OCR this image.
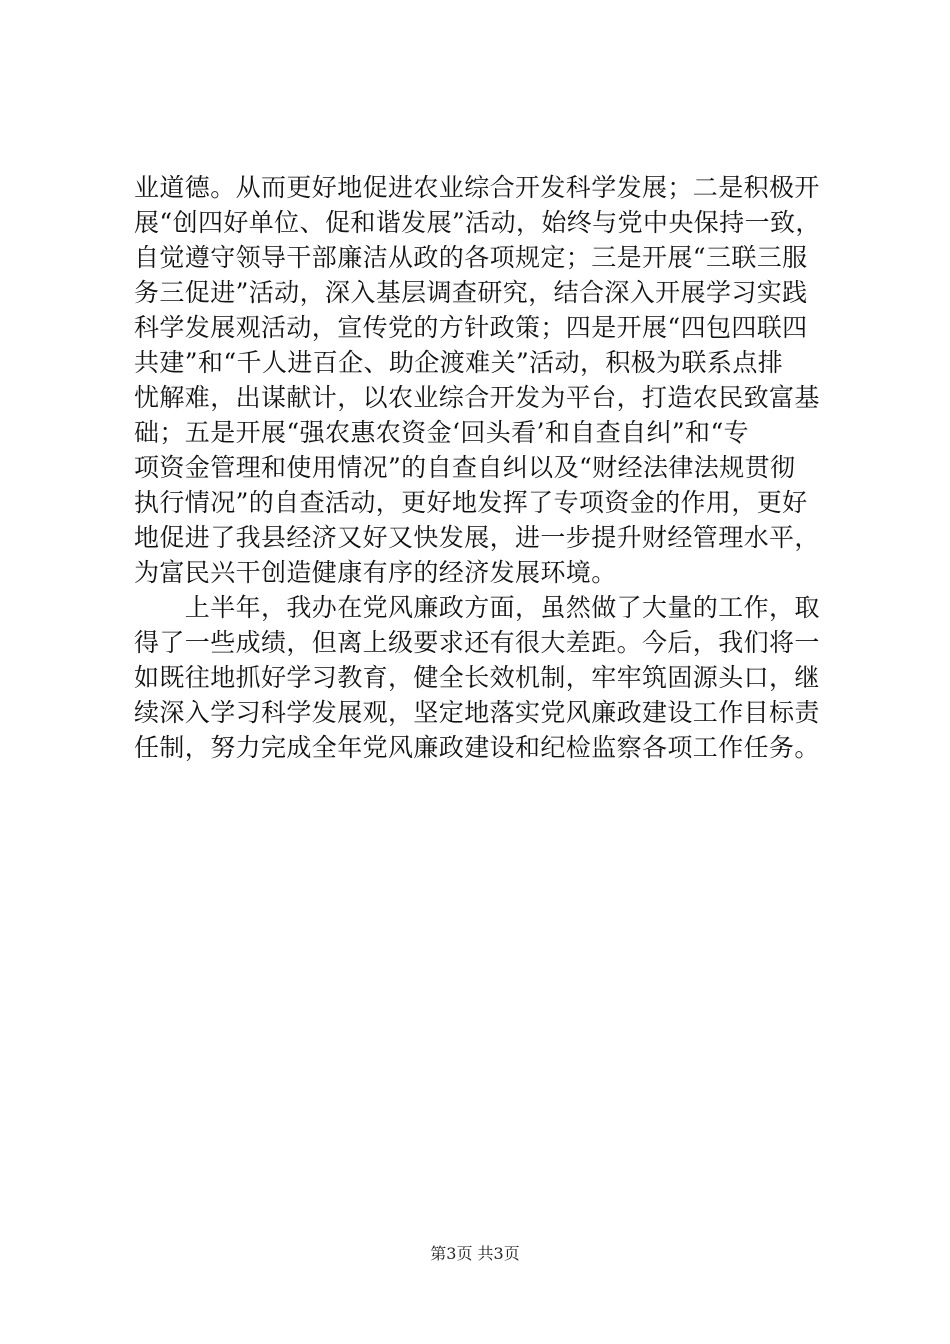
业道德。从而更好地促进农业综合开发科学发展；二是积极开
展“创四好单位、促和谐发展”活动，始终与党中央保持一致，
自觉遵守领导干部廉洁从政的各项规定；三是开展“三联三服
务三促进”活动，深入基层调查研究，结合深入开展学习实践
科学发展观活动，宣传党的方针政策；四是开展“四包四联四
共建”和“千人进百企、助企渡难关”活动，积极为联系点排
忧解难，出谋献计，以农业综合开发为平台，打造农民致富基
础；五是开展“强农惠农资金‘回头看’和自查自纠”和“专
项资金管理和使用情况”的自查自纠以及“财经法律法规贯彻
执行情况”的自查活动，更好地发挥了专项资金的作用，更好
地促进了我县经济又好又快发展，进一步提升财经管理水平，
为富民兴干创造健康有序的经济发展环境。
　　上半年，我办在党风廉政方面，虽然做了大量的工作，取
得了一些成绩，但离上级要求还有很大差距。今后，我们将一
如既往地抓好学习教育，健全长效机制，牢牢筑固源头口，继
续深入学习科学发展观，坚定地落实党风廉政建设工作目标责
任制，努力完成全年党风廉政建设和纪检监察各项工作任务。
第3页 共3页
